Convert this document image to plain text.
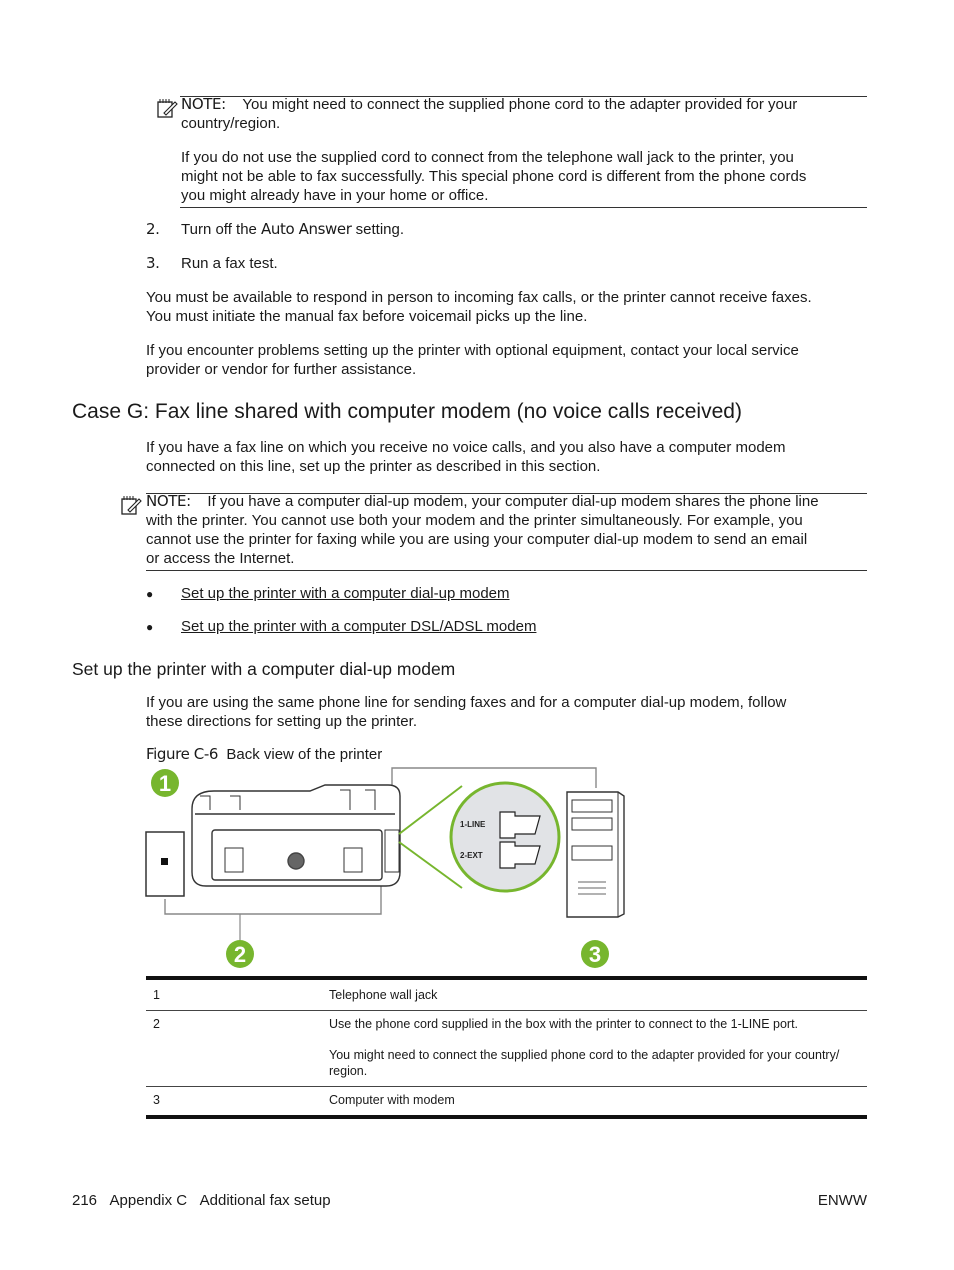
NOTE: You might need to connect the supplied phone cord to the adapter provided for your
country/region.
If you do not use the supplied cord to connect from the telephone wall jack to the printer, you
might not be able to fax successfully. This special phone cord is different from the phone cords
you might already have in your home or office.
2. Turn off the Auto Answer setting.
3. Run a fax test.
You must be available to respond in person to incoming fax calls, or the printer cannot receive faxes.
You must initiate the manual fax before voicemail picks up the line.
If you encounter problems setting up the printer with optional equipment, contact your local service
provider or vendor for further assistance.
Case G: Fax line shared with computer modem (no voice calls received)
If you have a fax line on which you receive no voice calls, and you also have a computer modem
connected on this line, set up the printer as described in this section.
NOTE: If you have a computer dial-up modem, your computer dial-up modem shares the phone line
with the printer. You cannot use both your modem and the printer simultaneously. For example, you
cannot use the printer for faxing while you are using your computer dial-up modem to send an email
or access the Internet.
● Set up the printer with a computer dial-up modem
● Set up the printer with a computer DSL/ADSL modem
Set up the printer with a computer dial-up modem
If you are using the same phone line for sending faxes and for a computer dial-up modem, follow
these directions for setting up the printer.
Figure C-6 Back view of the printer
1-LINE
2-EXT
1
2	3
1	Telephone wall jack
2	Use the phone cord supplied in the box with the printer to connect to the 1-LINE port.
You might need to connect the supplied phone cord to the adapter provided for your country/
region.
3	Computer with modem
216 Appendix C Additional fax setup	ENWW
